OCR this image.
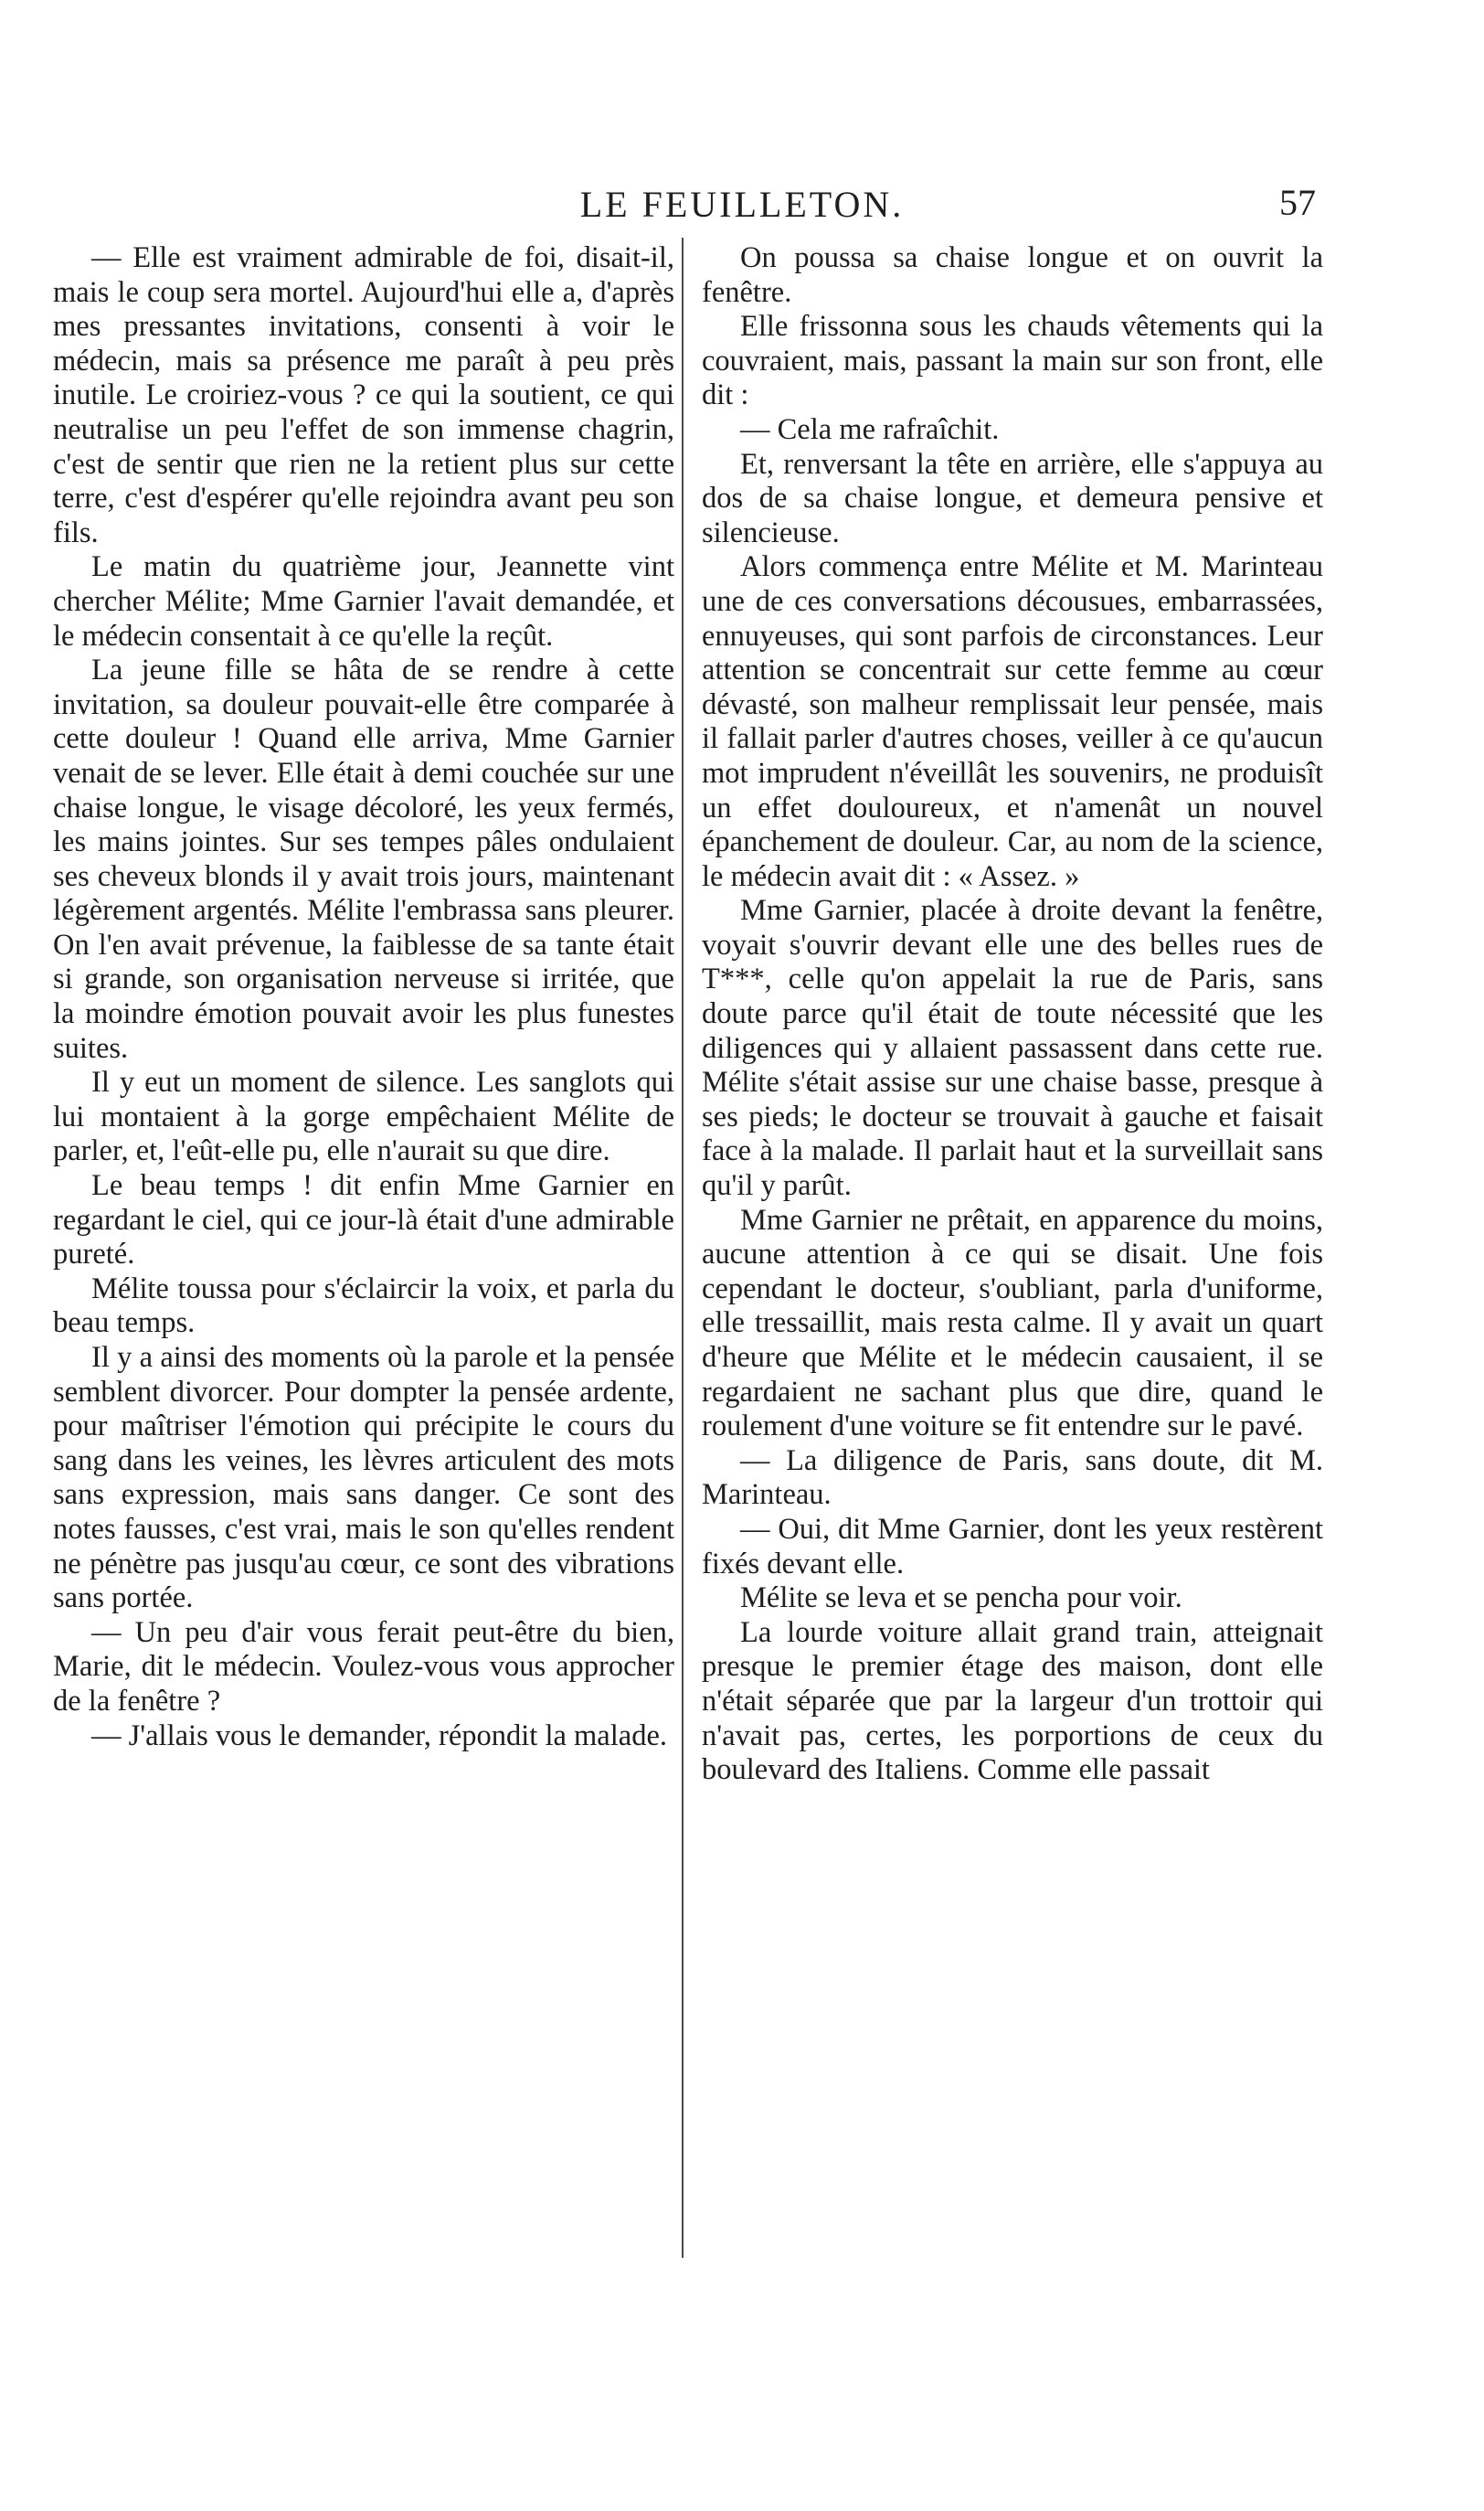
LE FEUILLETON.	57

— Elle est vraiment admirable de foi, disait-il, mais le coup sera mortel. Aujourd'hui elle a, d'après mes pressantes invitations, consenti à voir le médecin, mais sa présence me paraît à peu près inutile. Le croiriez-vous ? ce qui la soutient, ce qui neutralise un peu l'effet de son immense chagrin, c'est de sentir que rien ne la retient plus sur cette terre, c'est d'espérer qu'elle rejoindra avant peu son fils.

Le matin du quatrième jour, Jeannette vint chercher Mélite; Mme Garnier l'avait demandée, et le médecin consentait à ce qu'elle la reçût.

La jeune fille se hâta de se rendre à cette invitation, sa douleur pouvait-elle être comparée à cette douleur ! Quand elle arriva, Mme Garnier venait de se lever. Elle était à demi couchée sur une chaise longue, le visage décoloré, les yeux fermés, les mains jointes. Sur ses tempes pâles ondulaient ses cheveux blonds il y avait trois jours, maintenant légèrement argentés. Mélite l'embrassa sans pleurer. On l'en avait prévenue, la faiblesse de sa tante était si grande, son organisation nerveuse si irritée, que la moindre émotion pouvait avoir les plus funestes suites.

Il y eut un moment de silence. Les sanglots qui lui montaient à la gorge empêchaient Mélite de parler, et, l'eût-elle pu, elle n'aurait su que dire.

Le beau temps ! dit enfin Mme Garnier en regardant le ciel, qui ce jour-là était d'une admirable pureté.

Mélite toussa pour s'éclaircir la voix, et parla du beau temps.

Il y a ainsi des moments où la parole et la pensée semblent divorcer. Pour dompter la pensée ardente, pour maîtriser l'émotion qui précipite le cours du sang dans les veines, les lèvres articulent des mots sans expression, mais sans danger. Ce sont des notes fausses, c'est vrai, mais le son qu'elles rendent ne pénètre pas jusqu'au cœur, ce sont des vibrations sans portée.

— Un peu d'air vous ferait peut-être du bien, Marie, dit le médecin. Voulez-vous vous approcher de la fenêtre ?

— J'allais vous le demander, répondit la malade.

On poussa sa chaise longue et on ouvrit la fenêtre.

Elle frissonna sous les chauds vêtements qui la couvraient, mais, passant la main sur son front, elle dit :

— Cela me rafraîchit.

Et, renversant la tête en arrière, elle s'appuya au dos de sa chaise longue, et demeura pensive et silencieuse.

Alors commença entre Mélite et M. Marinteau une de ces conversations décousues, embarrassées, ennuyeuses, qui sont parfois de circonstances. Leur attention se concentrait sur cette femme au cœur dévasté, son malheur remplissait leur pensée, mais il fallait parler d'autres choses, veiller à ce qu'aucun mot imprudent n'éveillât les souvenirs, ne produisît un effet douloureux, et n'amenât un nouvel épanchement de douleur. Car, au nom de la science, le médecin avait dit : « Assez. »

Mme Garnier, placée à droite devant la fenêtre, voyait s'ouvrir devant elle une des belles rues de T***, celle qu'on appelait la rue de Paris, sans doute parce qu'il était de toute nécessité que les diligences qui y allaient passassent dans cette rue. Mélite s'était assise sur une chaise basse, presque à ses pieds; le docteur se trouvait à gauche et faisait face à la malade. Il parlait haut et la surveillait sans qu'il y parût.

Mme Garnier ne prêtait, en apparence du moins, aucune attention à ce qui se disait. Une fois cependant le docteur, s'oubliant, parla d'uniforme, elle tressaillit, mais resta calme. Il y avait un quart d'heure que Mélite et le médecin causaient, il se regardaient ne sachant plus que dire, quand le roulement d'une voiture se fit entendre sur le pavé.

— La diligence de Paris, sans doute, dit M. Marinteau.

— Oui, dit Mme Garnier, dont les yeux restèrent fixés devant elle.

Mélite se leva et se pencha pour voir.

La lourde voiture allait grand train, atteignait presque le premier étage des maison, dont elle n'était séparée que par la largeur d'un trottoir qui n'avait pas, certes, les porportions de ceux du boulevard des Italiens. Comme elle passait
